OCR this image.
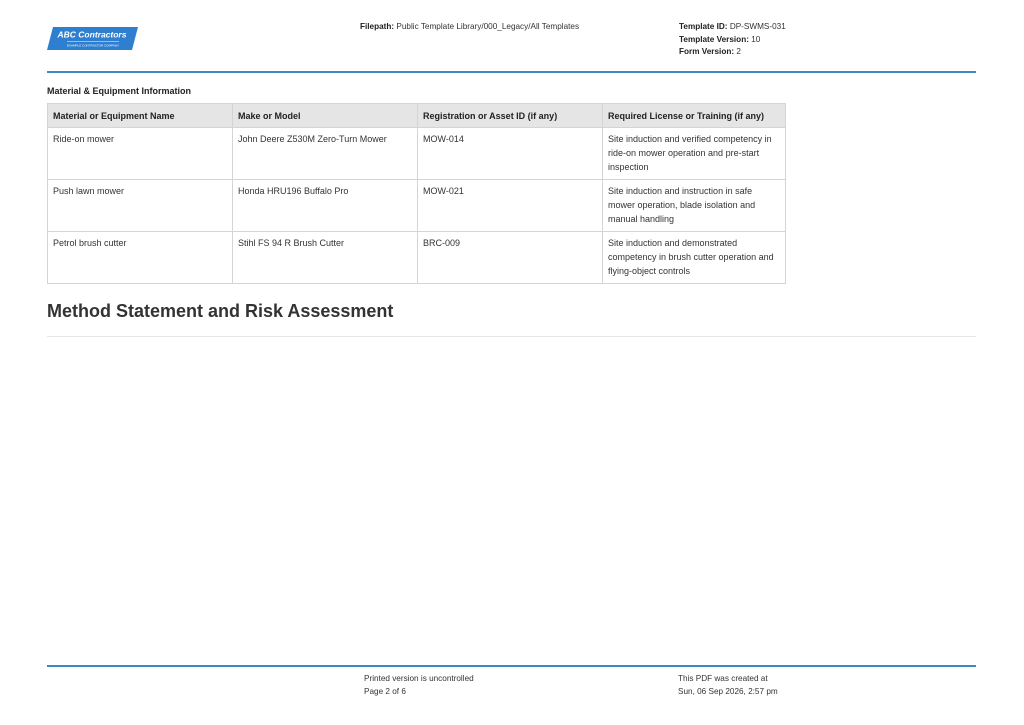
ABC Contractors
EXAMPLE CONTRACTOR COMPANY
Filepath: Public Template Library/000_Legacy/All Templates	Template ID: DP-SWMS-031
Template Version: 10
Form Version: 2
Material & Equipment Information
Material or Equipment Name	Make or Model	Registration or Asset ID (if any)	Required License or Training (if any)
Ride-on mower	John Deere Z530M Zero-Turn Mower	MOW-014	Site induction and verified competency in ride-on mower operation and pre-start inspection
Push lawn mower	Honda HRU196 Buffalo Pro	MOW-021	Site induction and instruction in safe mower operation, blade isolation and manual handling
Petrol brush cutter	Stihl FS 94 R Brush Cutter	BRC-009	Site induction and demonstrated competency in brush cutter operation and flying-object controls
Method Statement and Risk Assessment
Printed version is uncontrolled
Page 2 of 6
This PDF was created at
Sun, 06 Sep 2026, 2:57 pm
